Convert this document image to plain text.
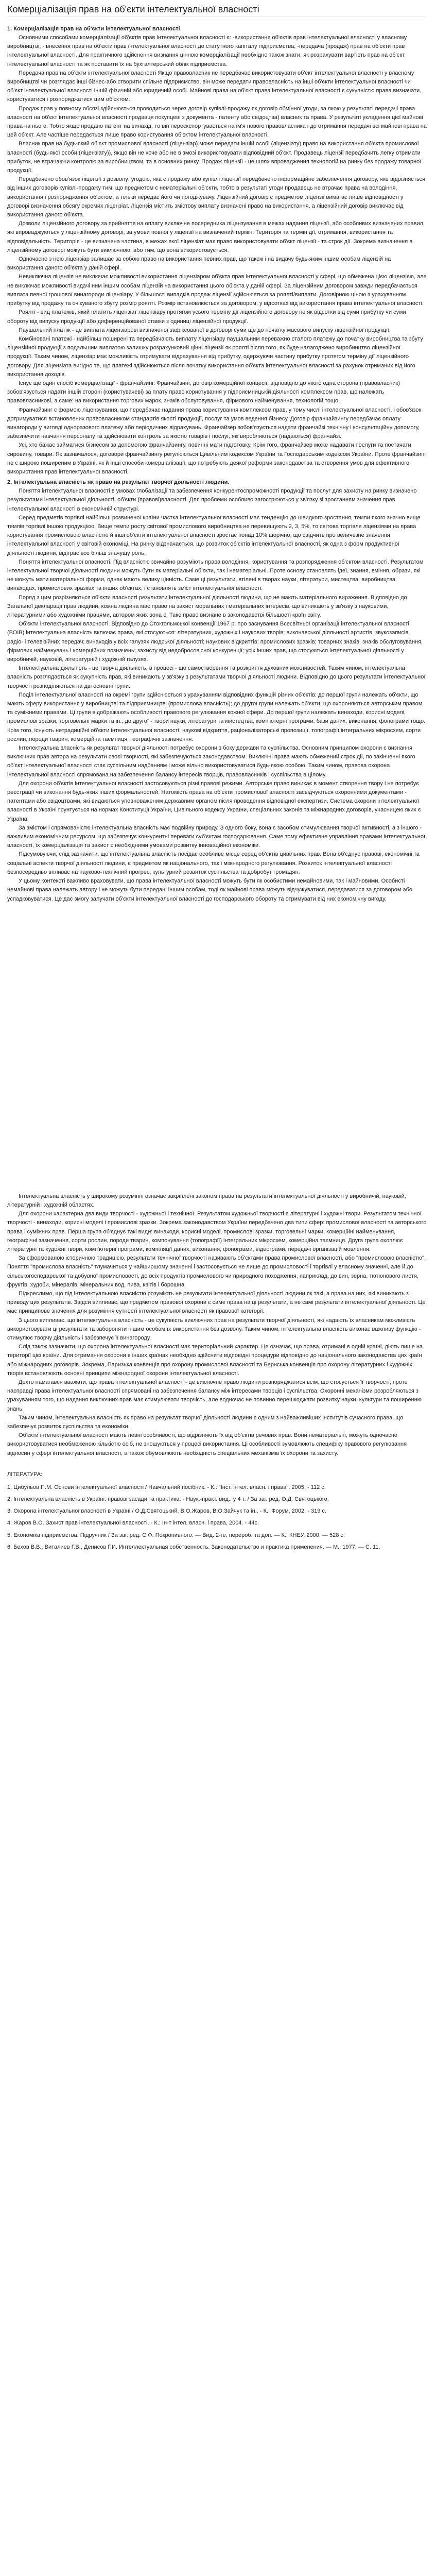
Комерціалізація прав на об'єкти інтелектуальної власності

1. Комерціалізація прав на об'єкти інтелектуальної власності

Основними способами комерціалізації об'єктів прав інтелектуальної власності є: -використання об'єктів прав інтелектуальної власності у власному виробництві; - внесення прав на об'єкти прав інтелектуальної власності до статутного капіталу підприємства; -передача (продаж) прав на об'єкти прав інтелектуальної власності. Для практичного здійснення визнання цінною комерціалізації необхідно також знати, як розрахувати вартість прав на об'єкт інтелектуальної власності та як поставити їх на бухгалтерський облік підприємства.

Передача прав на об'єкти інтелектуальної власності Якщо правовласник не передбачає використовувати об'єкт інтелектуальної власності у власному виробництві чи розглядає інші бізнес-або створити спільне підприємство, він може передати правовласність на інші об'єкти інтелектуальної власності чи об'єкт інтелектуальної власності іншій фізичній або юридичній особі. Майнові права на об'єкт права інтелектуальної власності є сукупністю права визначати, користуватися і розпоряджатися цим об'єктом.

Продаж прав у повному обсязі здійснюється проводиться через договір купівлі-продажу як договір обмінної угоди, за якою у результаті передачі права власності на об'єкт інтелектуальної власності продавця покупцеві з документа - патенту або свідоцтва) власник та права. У результаті укладення цієї майнові права на нього. Тобто якщо продано патент на винахід, то він переєкспортувається на ім'я нового правовласника і до отримання передачі всі майнові права на цей об'єкт. Але частіше передається лише право користування об'єктом інтелектуальної власності.

Власник прав на будь-який об'єкт промислової власності (ліцензіар) може передати іншій особі (ліцензіату) право на використання об'єкта промислової власності (будь-якої особи (ліцензіату)), якщо він не хоче або не в змозі використовувати відповідний об'єкт. Продавець ліцензії передбачить легку отримати прибуток, не втрачаючи контролю за виробництвом, та в основних ринку. Продаж ліцензії - це шлях впровадження технологій на ринку без продажу товарної продукції.

Передбачено обов'язок ліцензії з дозволу: угодою, яка є продажу або купівлі ліцензії передбачено інформаційне забезпечення договору, яке відрізняється від інших договорів купівлі-продажу тим, що предметом є нематеріальні об'єкти, тобто в результаті угоди продавець не втрачає права на володіння, використання і розпорядження об'єктом, а тільки передає його чи погоджувачу. Ліцензійний договір є предметом ліцензії вимагає лише відповідності у договорі визначення обсягу окремих ліцензіат. Ліцензія містить змістову виплату визначені право на використання, а ліцензійний договір виключає від використання даного об'єкта.

Дозволи ліцензійного договору за прийняття на оплату виключне посередника ліцензування в межах надання ліцензії, або особливих визначених правил, які впроваджуються у ліцензійному договорі, за умови повної у ліцензії на визначений термін. Територія та термін дії, отримання, використання та відповідальність. Територія - це визначена частина, в межах якої ліцензіат має право використовувати об'єкт ліцензії - та строк дії. Зокрема визначення в ліцензійному договорі можуть бути виключною, або тим, що вона використовується.

Одночасно з нею ліцензіар залишає за собою право на використання певних прав, що також і на видачу будь-яким іншим особам ліцензій на використання даного об'єкта у даній сфері.

Невиключна ліцензія не виключає можливості використання ліцензіаром об'єкта прав інтелектуальної власності у сфері, що обмежена цією ліцензією, але не виключає можливості видачі ним іншим особам ліцензій на використання цього об'єкта у даній сфері. За ліцензійним договором завжди передбачається виплата певної грошової винагороди ліцензіару. У більшості випадків продаж ліцензії здійснюється за роялті/виплати. Договірною ціною з урахуванням прибутку від продажу та очікуваного збуту розмір роялті. Розмір встановлюється за договором, у відсотках від використання права інтелектуальної власності.

Роялті - вид платежів, який платить ліцензіат ліцензіару протягом усього терміну дії ліцензійного договору не як відсотки від суми прибутку чи суми обороту від випуску продукції або диференційованої ставки з одиниці ліцензійної продукції.

Паушальний платіж - це виплата ліцензіарові визначеної зафіксованої в договорі суми ще до початку масового випуску ліцензійної продукції.

Комбіновані платежі - найбільш поширені та передбачають виплату ліцензіару паушальним переважно сталого платежу до початку виробництва та збуту ліцензійної продукції з подальшим виплатою залишку розрахунковий цінні ліцензії як роялті після того, як буде налагоджено виробництво ліцензійної продукції. Таким чином, ліцензіар має можливість отримувати відрахування від прибутку, одержуючи частину прибутку протягом терміну дії ліцензійного договору. Для ліцензіата вигідно те, що платежі здійснюються після початку використання об'єкта інтелектуальної власності за рахунок отриманих від його використання доходів.

Існує ще один спосіб комерціалізації - франчайзинг. Франчайзинг, договір комерційної концесії, відповідно до якого одна сторона (правовласник) зобов'язується надати іншій стороні (користувачеві) за плату право користування у підприємницькій діяльності комплексом прав, що належать правовласникові, а саме: на використання торгових марок, знаків обслуговування, фірмового найменування, технологій тощо.

Франчайзинг є формою ліцензування, що передбачає надання права користування комплексом прав, у тому числі інтелектуальної власності, і обов'язок дотримуватися встановлених правовласником стандартів якості продукції, послуг та умов ведення бізнесу. Договір франчайзингу передбачає оплату винагороди у вигляді одноразового платежу або періодичних відрахувань. Франчайзер зобов'язується надати франчайзі технічну і консультаційну допомогу, забезпечити навчання персоналу та здійснювати контроль за якістю товарів і послуг, які виробляються (надаються) франчайзі.

Усі, хто бажає займатися бізнесом за допомогою франчайзингу, повинні мати підготовку. Крім того, франчайзер може надавати послуги та постачати сировину, товари. Як зазначалося, договори франчайзингу регулюються Цивільним кодексом України та Господарським кодексом України. Проте франчайзинг не є широко поширеним в Україні, як й інші способи комерціалізації, що потребують деякої реформи законодавства та створення умов для ефективного використання прав інтелектуальної власності.

2. Інтелектуальна власність як право на результат творчої діяльності людини.

Поняття інтелектуальної власності в умовах глобалізації та забезпечення конкурентоспроможності продукції та послуг для захисту на ринку визначено результатами інтелектуальної діяльності, об'єкти (правові)власності. Для проблеми особливо загострюються у зв'язку зі зростанням значення прав інтелектуальної власності в економічній структурі.

Серед предметів торгівлі найбільш розвиненої країни частка інтелектуальної власності має тенденцію до швидкого зростання, темпи якого значно вище темпів торгівлі іншою продукцією. Вище темпи росту світової промислового виробництва не перевищують 2, 3, 5%, то світова торгівля ліцензіями на права користування промисловою власністю й інші об'єкти інтелектуальної власності зростає понад 10% щорічно, що свідчить про величезне значення інтелектуальної власності у світовій економіці. На ринку відзначається, що розвиток об'єктів інтелектуальної власності, як одна з форм продуктивної діяльності людини, відіграє все більш значущу роль.

Поняття інтелектуальної власності. Під власністю звичайно розуміють права володіння, користування та розпорядження об'єктом власності. Результатом інтелектуальної творчої діяльності людини можуть бути як матеріальні об'єкти, так і нематеріальні. Проте основу становлять ідеї, знання, вміння, образи, які не можуть мати матеріальної форми, однак мають велику цінність. Саме ці результати, втілені в творах науки, літератури, мистецтва, виробництва, винаходах, промислових зразках та інших об'єктах, і становлять зміст інтелектуальної власності.

Поряд з цим розрізняються об'єкти власності результати інтелектуальної діяльності людини, що не мають матеріального вираження. Відповідно до Загальної декларації прав людини, кожна людина має право на захист моральних і матеріальних інтересів, що виникають у зв'язку з науковими, літературними або художніми працями, автором яких вона є. Таке право визнане в законодавстві більшості країн світу.

Об'єкти інтелектуальної власності. Відповідно до Стокгольмської конвенції 1967 р. про заснування Всесвітньої організації інтелектуальної власності (ВОІВ) інтелектуальна власність включає права, які стосуються: літературних, художніх і наукових творів; виконавської діяльності артистів, звукозаписів, радіо- і телевізійних передач; винаходів у всіх галузях людської діяльності; наукових відкриттів; промислових зразків; товарних знаків, знаків обслуговування, фірмових найменувань і комерційних позначень; захисту від недобросовісної конкуренції; усіх інших прав, що стосуються інтелектуальної діяльності у виробничій, науковій, літературній і художній галузях.

Інтелектуальна діяльність - це творча діяльність, в процесі - що самостворення та розкриття духовних можливостей. Таким чином, інтелектуальна власність розглядається як сукупність прав, які виникають у зв'язку з результатами творчої діяльності людини. Відповідно до цього результати інтелектуальної творчості розподіляються на дві основні групи.

Поділ інтелектуальної власності на окремі групи здійснюється з урахуванням відповідних функцій різних об'єктів: до першої групи належать об'єкти, що мають сферу використання у виробництві та підприємництві (промислова власність); до другої групи належать об'єкти, що охороняються авторським правом та суміжними правами. Ці групи відображають особливості правового регулювання кожної сфери. До першої групи належать винаходи, корисні моделі, промислові зразки, торговельні марки та ін.; до другої - твори науки, літератури та мистецтва, комп'ютерні програми, бази даних, виконання, фонограми тощо. Крім того, існують нетрадиційні об'єкти інтелектуальної власності: наукові відкриття, раціоналізаторські пропозиції, топографії інтегральних мікросхем, сорти рослин, породи тварин, комерційна таємниця, географічні зазначення.

Інтелектуальна власність як результат творчої діяльності потребує охорони з боку держави та суспільства. Основним принципом охорони є визнання виключних прав автора на результати своєї творчості, які забезпечуються законодавством. Виключні права мають обмежений строк дії, по закінченні якого об'єкт інтелектуальної власності стає суспільним надбанням і може вільно використовуватися будь-якою особою. Таким чином, правова охорона інтелектуальної власності спрямована на забезпечення балансу інтересів творців, правовласників і суспільства в цілому.

Для охорони об'єктів інтелектуальної власності застосовуються різні правові режими. Авторське право виникає в момент створення твору і не потребує реєстрації чи виконання будь-яких інших формальностей. Натомість права на об'єкти промислової власності засвідчуються охоронними документами - патентами або свідоцтвами, які видаються уповноваженим державним органом після проведення відповідної експертизи. Система охорони інтелектуальної власності в Україні ґрунтується на нормах Конституції України, Цивільного кодексу України, спеціальних законів та міжнародних договорів, учасницею яких є Україна.

За змістом і спрямованістю інтелектуальна власність має подвійну природу. З одного боку, вона є засобом стимулювання творчої активності, а з іншого - важливим економічним ресурсом, що забезпечує конкурентні переваги суб'єктам господарювання. Саме тому ефективне управління правами інтелектуальної власності, їх комерціалізація та захист є необхідними умовами розвитку інноваційної економіки.

Підсумовуючи, слід зазначити, що інтелектуальна власність посідає особливе місце серед об'єктів цивільних прав. Вона об'єднує правові, економічні та соціальні аспекти творчої діяльності людини, є предметом як національного, так і міжнародного регулювання. Розвиток інтелектуальної власності безпосередньо впливає на науково-технічний прогрес, культурний розвиток суспільства та добробут громадян.

У цьому контексті важливо враховувати, що права інтелектуальної власності можуть бути як особистими немайновими, так і майновими. Особисті немайнові права належать автору і не можуть бути передані іншим особам, тоді як майнові права можуть відчужуватися, передаватися за договором або успадковуватися. Це дає змогу залучати об'єкти інтелектуальної власності до господарського обороту та отримувати від них економічну вигоду.

Інтелектуальна власність у широкому розумінні означає закріплені законом права на результати інтелектуальної діяльності у виробничій, науковій, літературній і художній областях.

Для охорони характерна два види творчості - художньої і технічної. Результатом художньої творчості є літературні і художні твори. Результатом технічної творчості - винаходи, корисні моделі і промислові зразки. Зокрема законодавством України передбачено два типи сфер: промислової власності та авторського права і суміжних прав. Перша група об'єднує такі види: винаходи, корисні моделі, промислові зразки, торговельні марки, комерційні найменування, географічні зазначення, сорти рослин, породи тварин, компонування (топографії) інтегральних мікросхем, комерційна таємниця. Друга група охоплює літературні та художні твори, комп'ютерні програми, компіляції даних, виконання, фонограми, відеограми, передачі організацій мовлення.

За сформованою історичною традицією, результати технічної творчості називають об'єктами права промислової власності, або "промисловою власністю". Поняття "промислова власність" тлумачиться у найширшому значенні і застосовується не лише до промисловості і торгівлі у власному значенні, але й до сільськогосподарської та добувної промисловості, до всіх продуктів промислового чи природного походження, наприклад, до вин, зерна, тютюнового листя, фруктів, худоби, мінералів, мінеральних вод, пива, квітів і борошна.

Підкреслимо, що під інтелектуальною власністю розуміють не результати інтелектуальної діяльності людини як такі, а права на них, які виникають з приводу цих результатів. Звідси випливає, що предметом правової охорони є саме права на ці результати, а не самі результати інтелектуальної діяльності. Це має принципове значення для розуміння сутності інтелектуальної власності як правової категорії.

З цього випливає, що інтелектуальна власність - це сукупність виключних прав на результати творчої діяльності, які надають їх власникам можливість використовувати ці результати та забороняти іншим особам їх використання без дозволу. Таким чином, інтелектуальна власність виконає важливу функцію - стимулює творчу діяльність і забезпечує її винагороду.

Слід також зазначити, що охорона інтелектуальної власності має територіальний характер. Це означає, що права, отримані в одній країні, діють лише на території цієї країни. Для отримання охорони в інших країнах необхідно здійснити відповідні процедури відповідно до національного законодавства цих країн або міжнародних договорів. Зокрема, Паризька конвенція про охорону промислової власності та Бернська конвенція про охорону літературних і художніх творів встановлюють основні принципи міжнародної охорони інтелектуальної власності.

Дехто намагався вважати, що права інтелектуальної власності - це виключне право людини розпоряджатися всім, що стосується її творчості, проте насправді права інтелектуальної власності спрямовані на забезпечення балансу між інтересами творців і суспільства. Охоронні механізми розробляються з урахуванням того, що надання виключних прав має стимулювати творчість, але водночас не повинно перешкоджати розвитку науки, культури та поширенню знань.

Таким чином, інтелектуальна власність як право на результат творчої діяльності людини є одним з найважливіших інститутів сучасного права, що забезпечує розвиток суспільства та економіки.

Об'єкти інтелектуальної власності мають певні особливості, що відрізняють їх від об'єктів речових прав. Вони нематеріальні, можуть одночасно використовуватися необмеженою кількістю осіб, не зношуються у процесі використання. Ці особливості зумовлюють специфіку правового регулювання відносин у сфері інтелектуальної власності, а також обумовлюють необхідність спеціальних механізмів їх охорони та захисту.

ЛІТЕРАТУРА:

1. Цибульов П.М. Основи інтелектуальної власності / Навчальний посібник. - К.: "Інст. інтел. власн. і права", 2005. - 112 с.

2. Інтелектуальна власність в Україні: правові засади та практика. - Наук.-практ. вид.: у 4 т. / За заг. ред. О.Д. Святоцького.

3. Охорона інтелектуальної власності в Україні / О.Д.Святоцький, В.О.Жаров, В.О.Зайчук та ін.. - К.: Форум, 2002. - 319 с.

4. Жаров В.О. Захист прав інтелектуальної власності. - К.: Ін-т інтел. власн. і права, 2004. - 44с.

5. Економіка підприємства: Підручник / За заг. ред. С.Ф. Покропивного. — Вид. 2-ге, перероб. та доп. — К.: КНЕУ, 2000. — 528 с.

6. Бехов В.В., Виталиев Г.В., Денисов Г.И. Интеллектуальная собственность. Законодательство и практика применения. — М., 1977. — С. 11.
